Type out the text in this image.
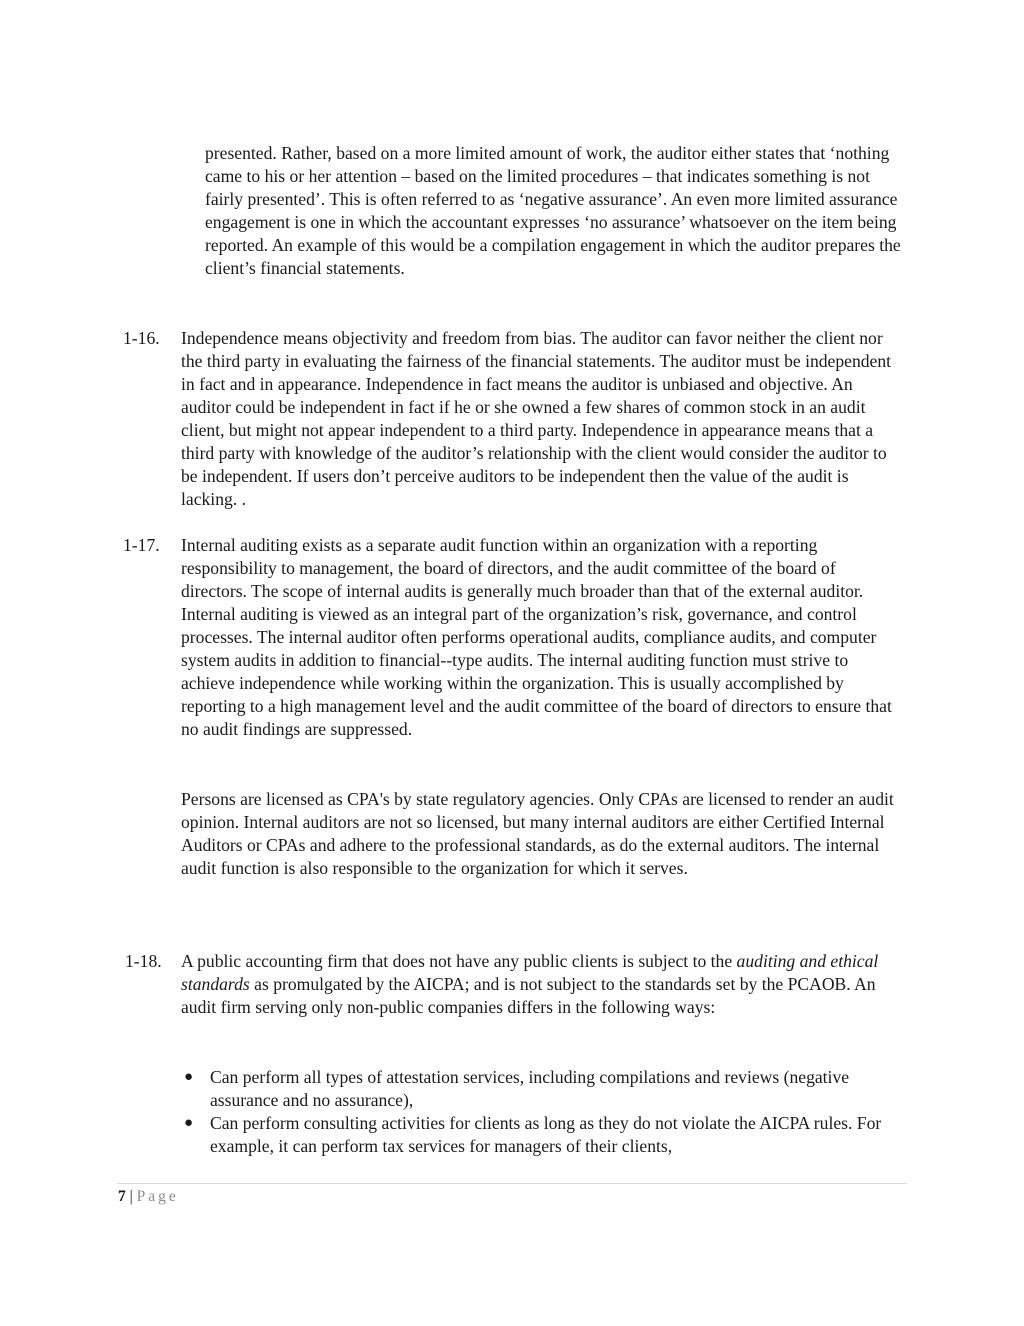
presented. Rather, based on a more limited amount of work, the auditor either states that ‘nothing came to his or her attention – based on the limited procedures – that indicates something is not fairly presented’. This is often referred to as ‘negative assurance’. An even more limited assurance engagement is one in which the accountant expresses ‘no assurance’ whatsoever on the item being reported. An example of this would be a compilation engagement in which the auditor prepares the client’s financial statements.
1-16. Independence means objectivity and freedom from bias. The auditor can favor neither the client nor the third party in evaluating the fairness of the financial statements. The auditor must be independent in fact and in appearance. Independence in fact means the auditor is unbiased and objective. An auditor could be independent in fact if he or she owned a few shares of common stock in an audit client, but might not appear independent to a third party. Independence in appearance means that a third party with knowledge of the auditor’s relationship with the client would consider the auditor to be independent. If users don’t perceive auditors to be independent then the value of the audit is lacking. .
1-17. Internal auditing exists as a separate audit function within an organization with a reporting responsibility to management, the board of directors, and the audit committee of the board of directors. The scope of internal audits is generally much broader than that of the external auditor. Internal auditing is viewed as an integral part of the organization’s risk, governance, and control processes. The internal auditor often performs operational audits, compliance audits, and computer system audits in addition to financial--type audits. The internal auditing function must strive to achieve independence while working within the organization. This is usually accomplished by reporting to a high management level and the audit committee of the board of directors to ensure that no audit findings are suppressed.
Persons are licensed as CPA's by state regulatory agencies. Only CPAs are licensed to render an audit opinion. Internal auditors are not so licensed, but many internal auditors are either Certified Internal Auditors or CPAs and adhere to the professional standards, as do the external auditors. The internal audit function is also responsible to the organization for which it serves.
1-18. A public accounting firm that does not have any public clients is subject to the auditing and ethical standards as promulgated by the AICPA; and is not subject to the standards set by the PCAOB. An audit firm serving only non-public companies differs in the following ways:
● Can perform all types of attestation services, including compilations and reviews (negative assurance and no assurance),
● Can perform consulting activities for clients as long as they do not violate the AICPA rules. For example, it can perform tax services for managers of their clients,
7 | Page
